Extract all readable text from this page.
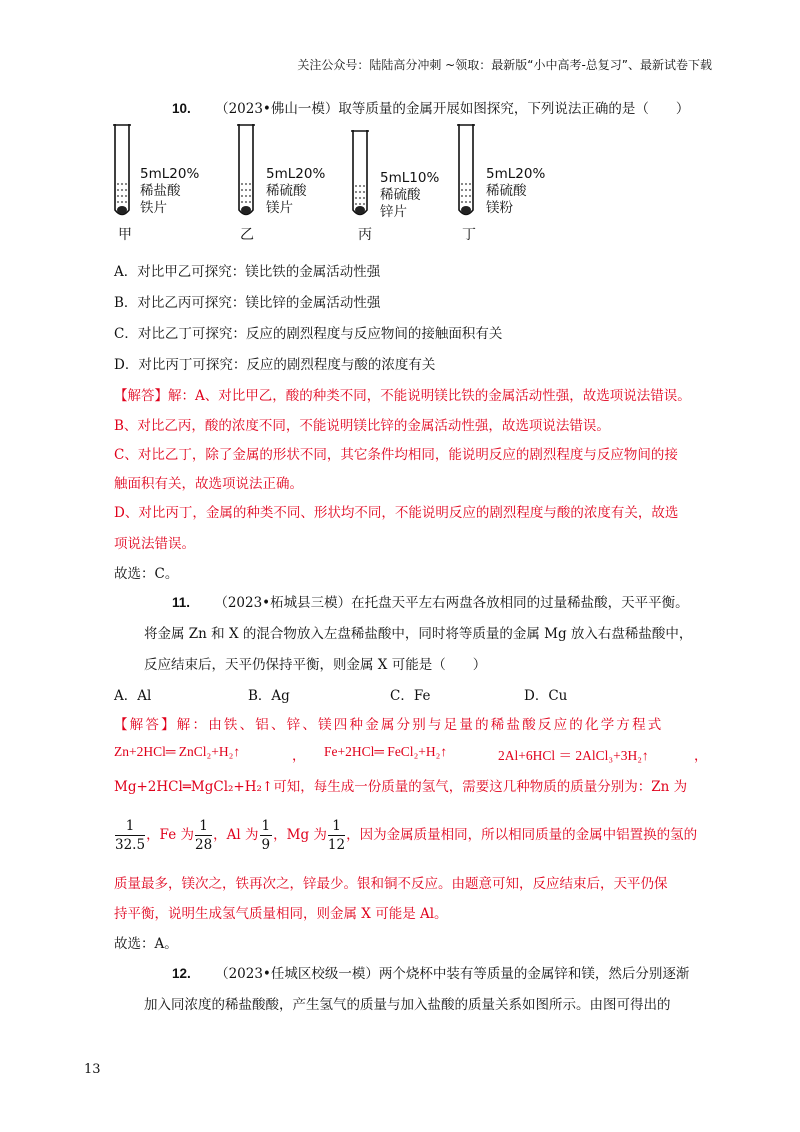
关注公众号：陆陆高分冲刺 ~领取：最新版“小中高考-总复习”、最新试卷下载
10. （2023•佛山一模）取等质量的金属开展如图探究，下列说法正确的是（　　）
5mL20%
稀盐酸
铁片
甲
5mL20%
稀硫酸
镁片
乙
5mL10%
稀硫酸
锌片
丙
5mL20%
稀硫酸
镁粉
丁
A．对比甲乙可探究：镁比铁的金属活动性强
B．对比乙丙可探究：镁比锌的金属活动性强
C．对比乙丁可探究：反应的剧烈程度与反应物间的接触面积有关
D．对比丙丁可探究：反应的剧烈程度与酸的浓度有关
【解答】解：A、对比甲乙，酸的种类不同，不能说明镁比铁的金属活动性强，故选项说法错误。
B、对比乙丙，酸的浓度不同，不能说明镁比锌的金属活动性强，故选项说法错误。
C、对比乙丁，除了金属的形状不同，其它条件均相同，能说明反应的剧烈程度与反应物间的接
触面积有关，故选项说法正确。
D、对比丙丁，金属的种类不同、形状均不同，不能说明反应的剧烈程度与酸的浓度有关，故选
项说法错误。
故选：C。
11. （2023•柘城县三模）在托盘天平左右两盘各放相同的过量稀盐酸，天平平衡。
将金属 Zn 和 X 的混合物放入左盘稀盐酸中，同时将等质量的金属 Mg 放入右盘稀盐酸中，
反应结束后，天平仍保持平衡，则金属 X 可能是（　　）
A．Al	B．Ag	C．Fe	D．Cu
【解答】解：由铁、铝、锌、镁四种金属分别与足量的稀盐酸反应的化学方程式
Zn+2HCl═ ZnCl₂+H₂↑	， Fe+2HCl═ FeCl₂+H₂↑	2Al+6HCl ＝ 2AlCl₃+3H₂↑	，
Mg+2HCl═MgCl₂+H₂↑可知，每生成一份质量的氢气，需要这几种物质的质量分别为：Zn 为
$\frac{1}{32.5}$ ，Fe 为 $\frac{1}{28}$ ，Al 为 $\frac{1}{9}$ ，Mg 为 $\frac{1}{12}$ ，因为金属质量相同，所以相同质量的金属中铝置换的氢的
质量最多，镁次之，铁再次之，锌最少。银和铜不反应。由题意可知，反应结束后，天平仍保
持平衡，说明生成氢气质量相同，则金属 X 可能是 Al。
故选：A。
12. （2023•任城区校级一模）两个烧杯中装有等质量的金属锌和镁，然后分别逐渐
加入同浓度的稀盐酸酸，产生氢气的质量与加入盐酸的质量关系如图所示。由图可得出的
13
